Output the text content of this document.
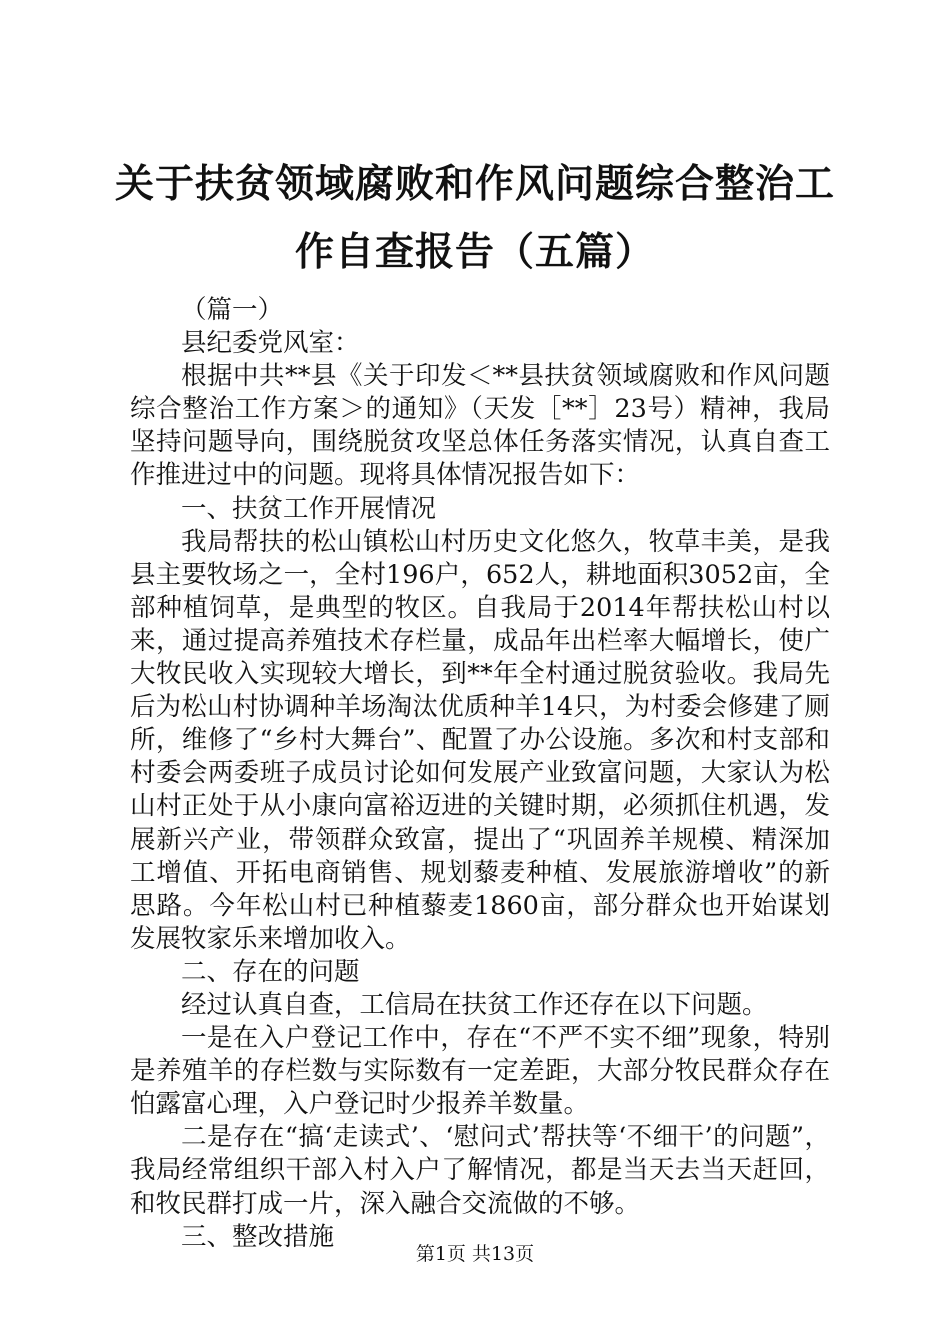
关于扶贫领域腐败和作风问题综合整治工作自查报告（五篇）

（篇一）

县纪委党风室：

根据中共**县《关于印发＜**县扶贫领域腐败和作风问题综合整治工作方案＞的通知》（天发［**］23号）精神，我局坚持问题导向，围绕脱贫攻坚总体任务落实情况，认真自查工作推进过中的问题。现将具体情况报告如下：

一、扶贫工作开展情况

我局帮扶的松山镇松山村历史文化悠久，牧草丰美，是我县主要牧场之一，全村196户，652人，耕地面积3052亩，全部种植饲草，是典型的牧区。自我局于2014年帮扶松山村以来，通过提高养殖技术存栏量，成品年出栏率大幅增长，使广大牧民收入实现较大增长，到**年全村通过脱贫验收。我局先后为松山村协调种羊场淘汰优质种羊14只，为村委会修建了厕所，维修了“乡村大舞台”、配置了办公设施。多次和村支部和村委会两委班子成员讨论如何发展产业致富问题，大家认为松山村正处于从小康向富裕迈进的关键时期，必须抓住机遇，发展新兴产业，带领群众致富，提出了“巩固养羊规模、精深加工增值、开拓电商销售、规划藜麦种植、发展旅游增收”的新思路。今年松山村已种植藜麦1860亩，部分群众也开始谋划发展牧家乐来增加收入。

二、存在的问题

经过认真自查，工信局在扶贫工作还存在以下问题。

一是在入户登记工作中，存在“不严不实不细”现象，特别是养殖羊的存栏数与实际数有一定差距，大部分牧民群众存在怕露富心理，入户登记时少报养羊数量。

二是存在“搞‘走读式’、‘慰问式’帮扶等‘不细干’的问题”，我局经常组织干部入村入户了解情况，都是当天去当天赶回，和牧民群打成一片，深入融合交流做的不够。

三、整改措施

第1页 共13页
